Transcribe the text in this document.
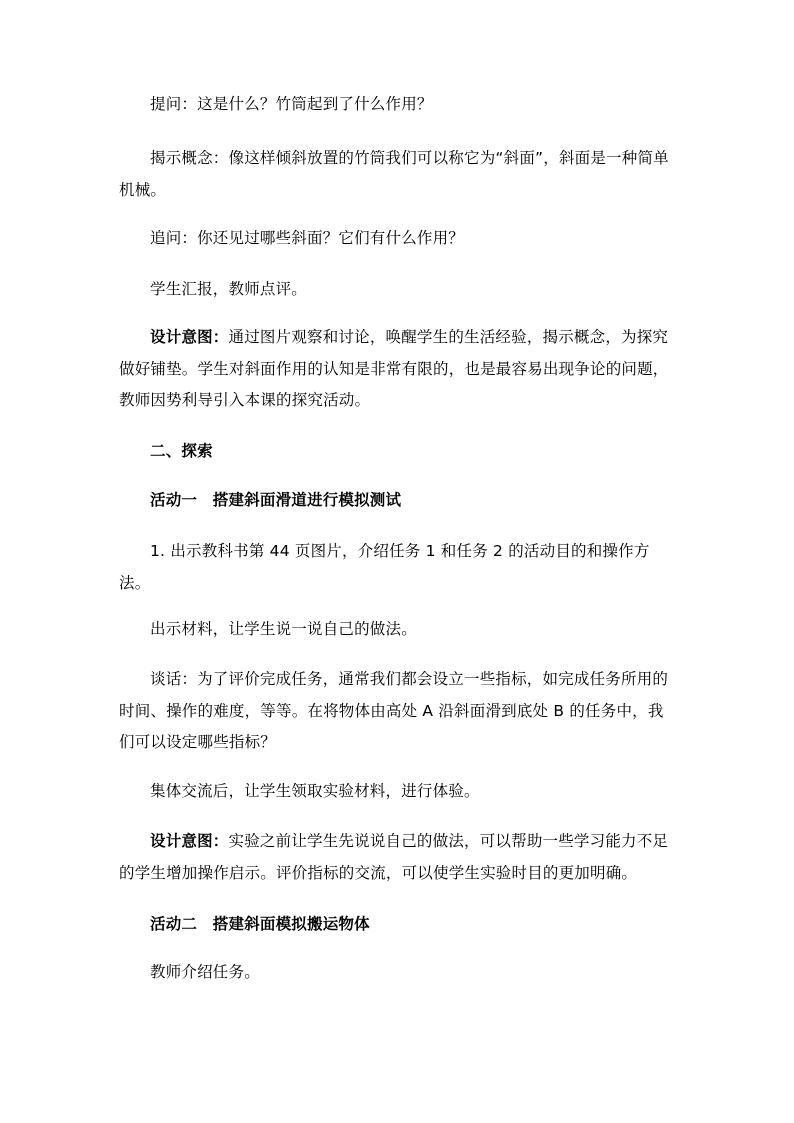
提问：这是什么？竹筒起到了什么作用？

揭示概念：像这样倾斜放置的竹筒我们可以称它为“斜面”，斜面是一种简单机械。

追问：你还见过哪些斜面？它们有什么作用？

学生汇报，教师点评。

设计意图：通过图片观察和讨论，唤醒学生的生活经验，揭示概念，为探究做好铺垫。学生对斜面作用的认知是非常有限的，也是最容易出现争论的问题，教师因势利导引入本课的探究活动。

二、探索

活动一　搭建斜面滑道进行模拟测试

1. 出示教科书第 44 页图片，介绍任务 1 和任务 2 的活动目的和操作方法。

出示材料，让学生说一说自己的做法。

谈话：为了评价完成任务，通常我们都会设立一些指标，如完成任务所用的时间、操作的难度，等等。在将物体由高处 A 沿斜面滑到底处 B 的任务中，我们可以设定哪些指标？

集体交流后，让学生领取实验材料，进行体验。

设计意图：实验之前让学生先说说自己的做法，可以帮助一些学习能力不足的学生增加操作启示。评价指标的交流，可以使学生实验时目的更加明确。

活动二　搭建斜面模拟搬运物体

教师介绍任务。
